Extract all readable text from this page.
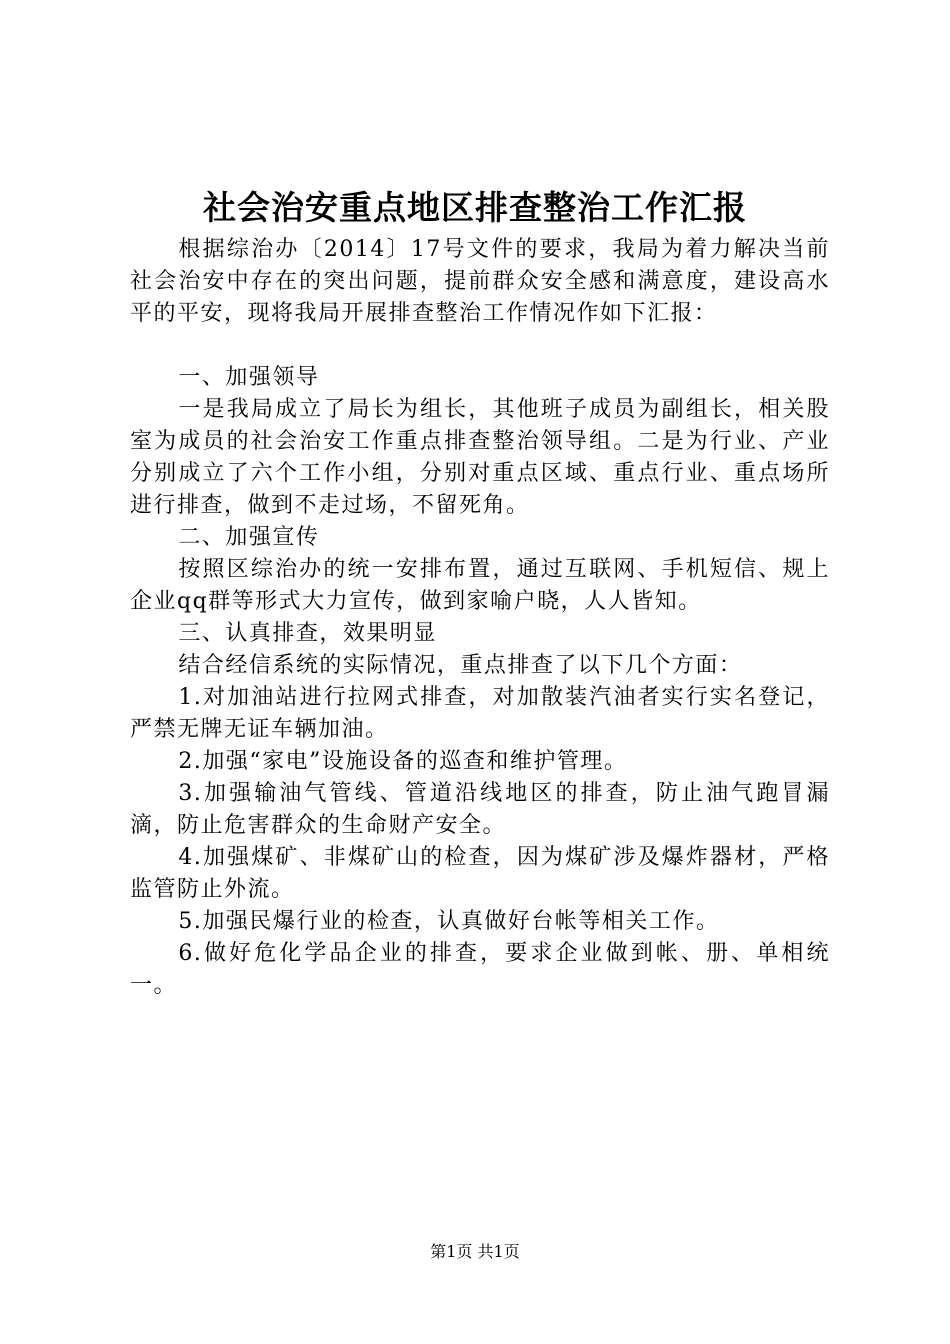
社会治安重点地区排查整治工作汇报

根据综治办〔2014〕17号文件的要求，我局为着力解决当前社会治安中存在的突出问题，提前群众安全感和满意度，建设高水平的平安，现将我局开展排查整治工作情况作如下汇报：

一、加强领导

一是我局成立了局长为组长，其他班子成员为副组长，相关股室为成员的社会治安工作重点排查整治领导组。二是为行业、产业分别成立了六个工作小组，分别对重点区域、重点行业、重点场所进行排查，做到不走过场，不留死角。

二、加强宣传

按照区综治办的统一安排布置，通过互联网、手机短信、规上企业qq群等形式大力宣传，做到家喻户晓，人人皆知。

三、认真排查，效果明显

结合经信系统的实际情况，重点排查了以下几个方面：

1.对加油站进行拉网式排查，对加散装汽油者实行实名登记，严禁无牌无证车辆加油。

2.加强“家电”设施设备的巡查和维护管理。

3.加强输油气管线、管道沿线地区的排查，防止油气跑冒漏滴，防止危害群众的生命财产安全。

4.加强煤矿、非煤矿山的检查，因为煤矿涉及爆炸器材，严格监管防止外流。

5.加强民爆行业的检查，认真做好台帐等相关工作。

6.做好危化学品企业的排查，要求企业做到帐、册、单相统一。

第1页 共1页
